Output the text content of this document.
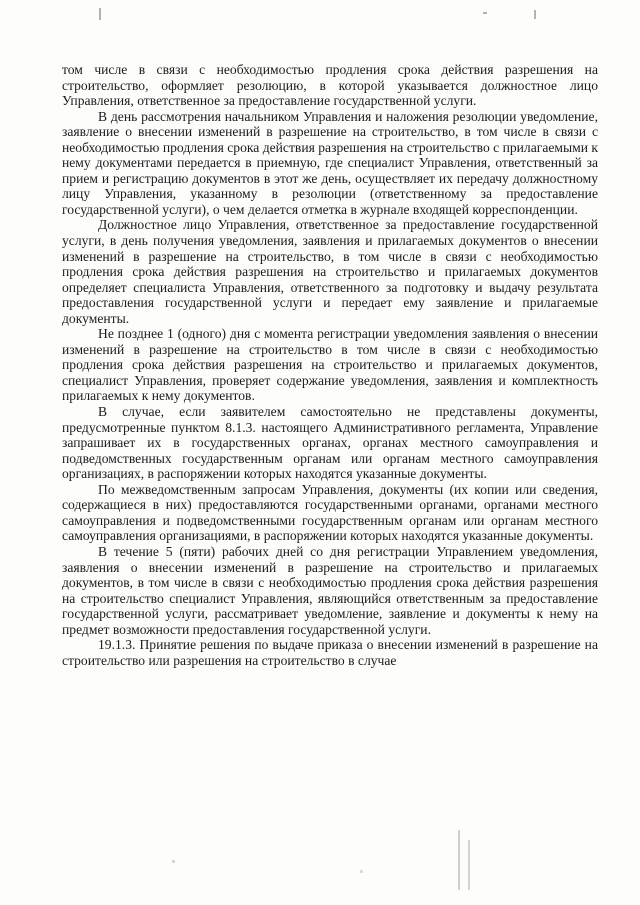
том числе в связи с необходимостью продления срока действия разрешения на строительство, оформляет резолюцию, в которой указывается должностное лицо Управления, ответственное за предоставление государственной услуги.

В день рассмотрения начальником Управления и наложения резолюции уведомление, заявление о внесении изменений в разрешение на строительство, в том числе в связи с необходимостью продления срока действия разрешения на строительство с прилагаемыми к нему документами передается в приемную, где специалист Управления, ответственный за прием и регистрацию документов в этот же день, осуществляет их передачу должностному лицу Управления, указанному в резолюции (ответственному за предоставление государственной услуги), о чем делается отметка в журнале входящей корреспонденции.

Должностное лицо Управления, ответственное за предоставление государственной услуги, в день получения уведомления, заявления и прилагаемых документов о внесении изменений в разрешение на строительство, в том числе в связи с необходимостью продления срока действия разрешения на строительство и прилагаемых документов определяет специалиста Управления, ответственного за подготовку и выдачу результата предоставления государственной услуги и передает ему заявление и прилагаемые документы.

Не позднее 1 (одного) дня с момента регистрации уведомления заявления о внесении изменений в разрешение на строительство в том числе в связи с необходимостью продления срока действия разрешения на строительство и прилагаемых документов, специалист Управления, проверяет содержание уведомления, заявления и комплектность прилагаемых к нему документов.

В случае, если заявителем самостоятельно не представлены документы, предусмотренные пунктом 8.1.3. настоящего Административного регламента, Управление запрашивает их в государственных органах, органах местного самоуправления и подведомственных государственным органам или органам местного самоуправления организациях, в распоряжении которых находятся указанные документы.

По межведомственным запросам Управления, документы (их копии или сведения, содержащиеся в них) предоставляются государственными органами, органами местного самоуправления и подведомственными государственным органам или органам местного самоуправления организациями, в распоряжении которых находятся указанные документы.

В течение 5 (пяти) рабочих дней со дня регистрации Управлением уведомления, заявления о внесении изменений в разрешение на строительство и прилагаемых документов, в том числе в связи с необходимостью продления срока действия разрешения на строительство специалист Управления, являющийся ответственным за предоставление государственной услуги, рассматривает уведомление, заявление и документы к нему на предмет возможности предоставления государственной услуги.

19.1.3. Принятие решения по выдаче приказа о внесении изменений в разрешение на строительство или разрешения на строительство в случае
